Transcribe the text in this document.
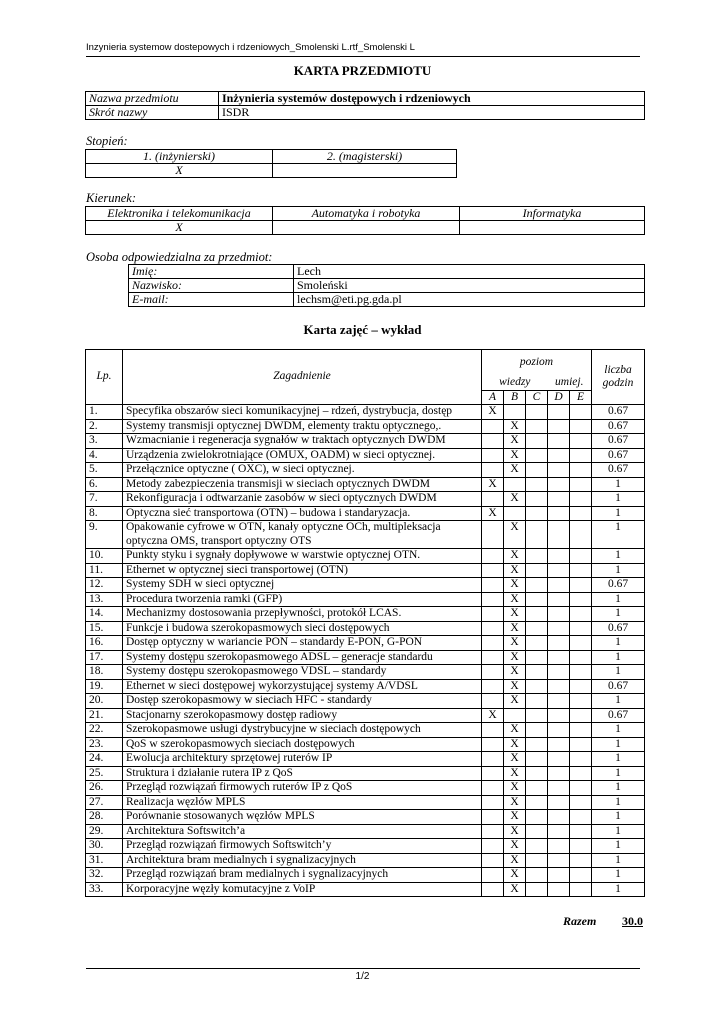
Inzynieria systemow dostepowych i rdzeniowych_Smolenski L.rtf_Smolenski L
KARTA PRZEDMIOTU
Nazwa przedmiotu	Inżynieria systemów dostępowych i rdzeniowych
Skrót nazwy	ISDR
Stopień:
1. (inżynierski)	2. (magisterski)
X	
Kierunek:
Elektronika i telekomunikacja	Automatyka i robotyka	Informatyka
X		
Osoba odpowiedzialna za przedmiot:
Imię:	Lech
Nazwisko:	Smoleński
E-mail:	lechsm@eti.pg.gda.pl
Karta zajęć – wykład
Lp.	Zagadnienie	poziom					liczba godzin
		wiedzy			umiej.		
		A	B	C	D	E	
1.	Specyfika obszarów sieci komunikacyjnej – rdzeń, dystrybucja, dostęp	X					0.67
2.	Systemy transmisji optycznej DWDM, elementy traktu optycznego,.		X				0.67
3.	Wzmacnianie i regeneracja sygnałów w traktach optycznych DWDM		X				0.67
4.	Urządzenia zwielokrotniające (OMUX, OADM) w sieci optycznej.		X				0.67
5.	Przełącznice optyczne ( OXC), w sieci optycznej.		X				0.67
6.	Metody zabezpieczenia transmisji w sieciach optycznych DWDM	X					1
7.	Rekonfiguracja i odtwarzanie zasobów w sieci optycznych DWDM		X				1
8.	Optyczna sieć transportowa (OTN) – budowa i standaryzacja.	X					1
9.	Opakowanie cyfrowe w OTN, kanały optyczne OCh, multipleksacja optyczna OMS, transport optyczny OTS		X				1
10.	Punkty styku i sygnały dopływowe w warstwie optycznej OTN.		X				1
11.	Ethernet w optycznej sieci transportowej (OTN)		X				1
12.	Systemy SDH w sieci optycznej		X				0.67
13.	Procedura tworzenia ramki (GFP)		X				1
14.	Mechanizmy dostosowania przepływności, protokół LCAS.		X				1
15.	Funkcje i budowa szerokopasmowych sieci dostępowych		X				0.67
16.	Dostęp optyczny w wariancie PON – standardy E-PON, G-PON		X				1
17.	Systemy dostępu szerokopasmowego ADSL – generacje standardu		X				1
18.	Systemy dostępu szerokopasmowego VDSL – standardy		X				1
19.	Ethernet w sieci dostępowej wykorzystującej systemy A/VDSL		X				0.67
20.	Dostęp szerokopasmowy w sieciach HFC - standardy		X				1
21.	Stacjonarny szerokopasmowy dostęp radiowy	X					0.67
22.	Szerokopasmowe usługi dystrybucyjne w sieciach dostępowych		X				1
23.	QoS w szerokopasmowych sieciach dostępowych		X				1
24.	Ewolucja architektury sprzętowej ruterów IP		X				1
25.	Struktura i działanie rutera IP z QoS		X				1
26.	Przegląd rozwiązań firmowych ruterów IP z QoS		X				1
27.	Realizacja węzłów MPLS		X				1
28.	Porównanie stosowanych węzłów MPLS		X				1
29.	Architektura Softswitch’a		X				1
30.	Przegląd rozwiązań firmowych Softswitch’y		X				1
31.	Architektura bram medialnych i sygnalizacyjnych		X				1
32.	Przegląd rozwiązań bram medialnych i sygnalizacyjnych		X				1
33.	Korporacyjne węzły komutacyjne z VoIP		X				1
Razem 30.0
1/2
